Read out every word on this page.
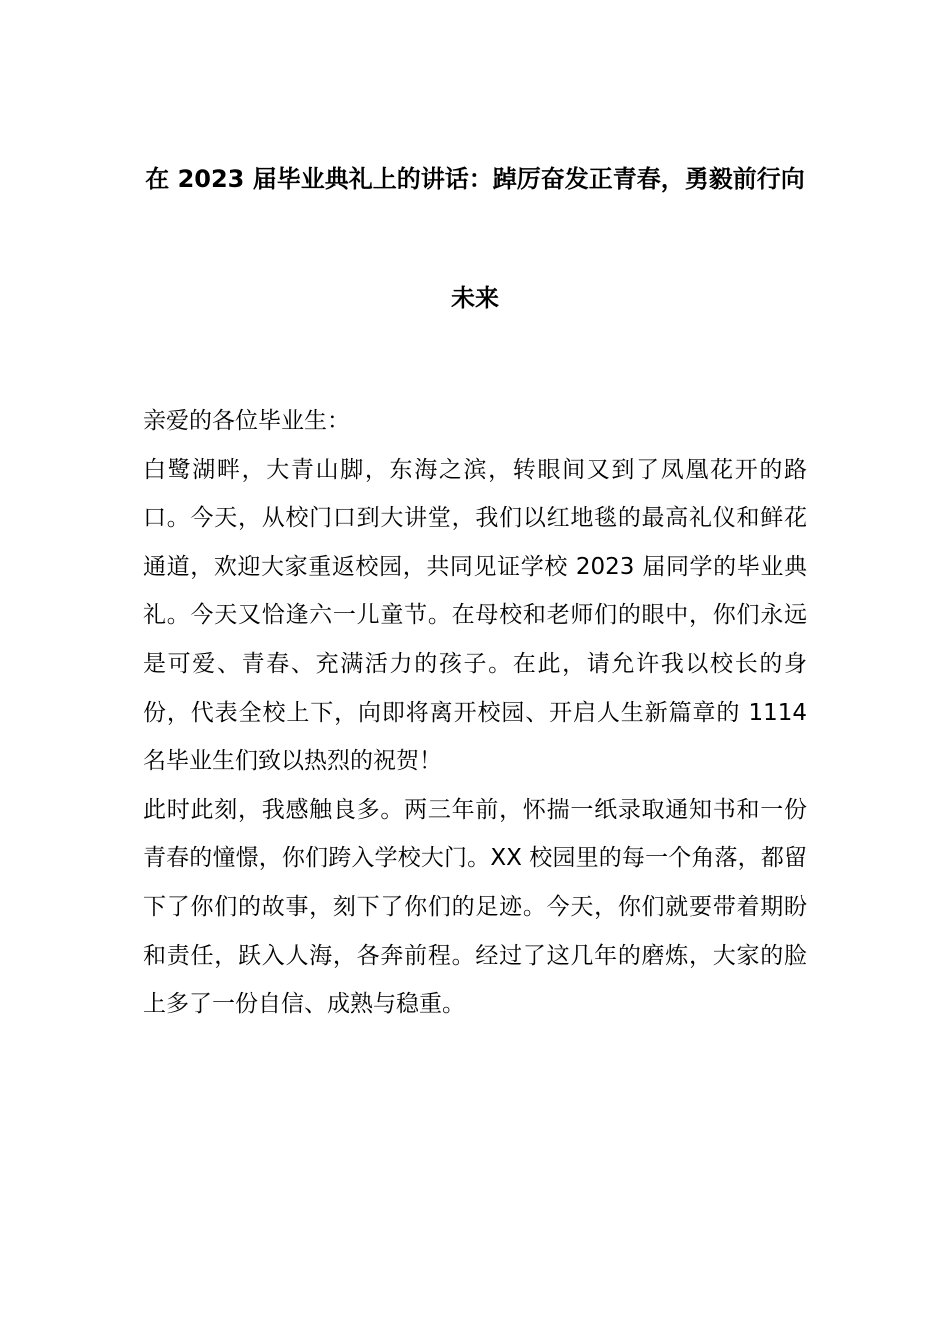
在 2023 届毕业典礼上的讲话：踔厉奋发正青春，勇毅前行向
未来

亲爱的各位毕业生：

白鹭湖畔，大青山脚，东海之滨，转眼间又到了凤凰花开的路口。今天，从校门口到大讲堂，我们以红地毯的最高礼仪和鲜花通道，欢迎大家重返校园，共同见证学校 2023 届同学的毕业典礼。今天又恰逢六一儿童节。在母校和老师们的眼中，你们永远是可爱、青春、充满活力的孩子。在此，请允许我以校长的身份，代表全校上下，向即将离开校园、开启人生新篇章的 1114 名毕业生们致以热烈的祝贺！

此时此刻，我感触良多。两三年前，怀揣一纸录取通知书和一份青春的憧憬，你们跨入学校大门。XX 校园里的每一个角落，都留下了你们的故事，刻下了你们的足迹。今天，你们就要带着期盼和责任，跃入人海，各奔前程。经过了这几年的磨炼，大家的脸上多了一份自信、成熟与稳重。
